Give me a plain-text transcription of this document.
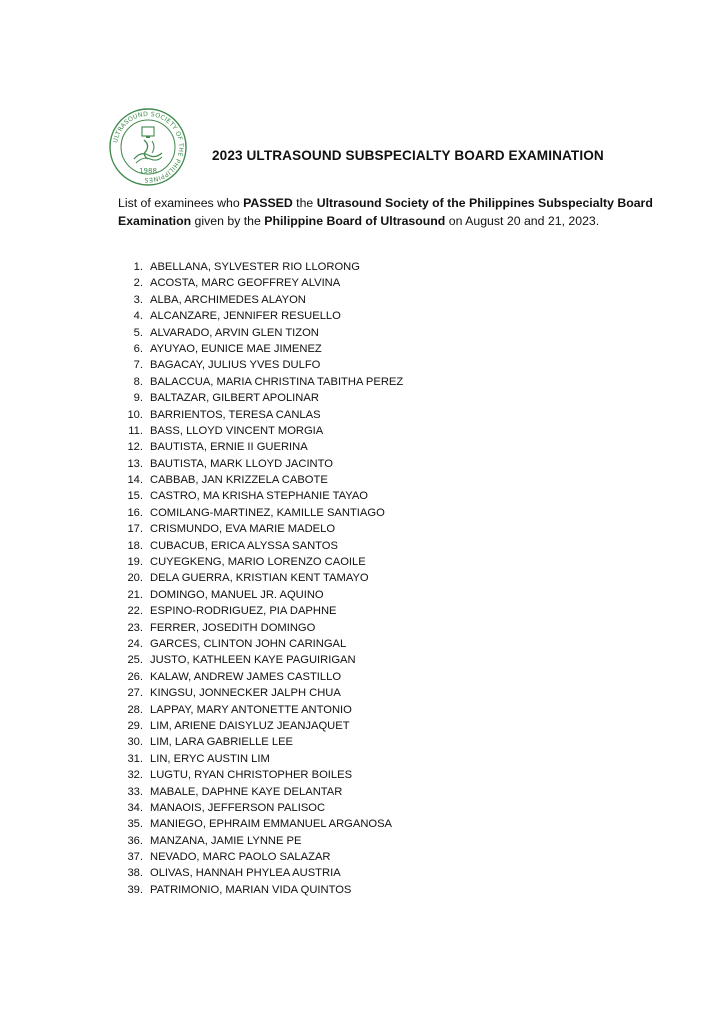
ULTRASOUND SOCIETY OF THE PHILIPPINES
1988
2023 ULTRASOUND SUBSPECIALTY BOARD EXAMINATION
List of examinees who PASSED the Ultrasound Society of the Philippines Subspecialty Board Examination given by the Philippine Board of Ultrasound on August 20 and 21, 2023.
1. ABELLANA, SYLVESTER RIO LLORONG
2. ACOSTA, MARC GEOFFREY ALVINA
3. ALBA, ARCHIMEDES ALAYON
4. ALCANZARE, JENNIFER RESUELLO
5. ALVARADO, ARVIN GLEN TIZON
6. AYUYAO, EUNICE MAE JIMENEZ
7. BAGACAY, JULIUS YVES DULFO
8. BALACCUA, MARIA CHRISTINA TABITHA PEREZ
9. BALTAZAR, GILBERT APOLINAR
10. BARRIENTOS, TERESA CANLAS
11. BASS, LLOYD VINCENT MORGIA
12. BAUTISTA, ERNIE II GUERINA
13. BAUTISTA, MARK LLOYD JACINTO
14. CABBAB, JAN KRIZZELA CABOTE
15. CASTRO, MA KRISHA STEPHANIE TAYAO
16. COMILANG-MARTINEZ, KAMILLE SANTIAGO
17. CRISMUNDO, EVA MARIE MADELO
18. CUBACUB, ERICA ALYSSA SANTOS
19. CUYEGKENG, MARIO LORENZO CAOILE
20. DELA GUERRA, KRISTIAN KENT TAMAYO
21. DOMINGO, MANUEL JR. AQUINO
22. ESPINO-RODRIGUEZ, PIA DAPHNE
23. FERRER, JOSEDITH DOMINGO
24. GARCES, CLINTON JOHN CARINGAL
25. JUSTO, KATHLEEN KAYE PAGUIRIGAN
26. KALAW, ANDREW JAMES CASTILLO
27. KINGSU, JONNECKER JALPH CHUA
28. LAPPAY, MARY ANTONETTE ANTONIO
29. LIM, ARIENE DAISYLUZ JEANJAQUET
30. LIM, LARA GABRIELLE LEE
31. LIN, ERYC AUSTIN LIM
32. LUGTU, RYAN CHRISTOPHER BOILES
33. MABALE, DAPHNE KAYE DELANTAR
34. MANAOIS, JEFFERSON PALISOC
35. MANIEGO, EPHRAIM EMMANUEL ARGANOSA
36. MANZANA, JAMIE LYNNE PE
37. NEVADO, MARC PAOLO SALAZAR
38. OLIVAS, HANNAH PHYLEA AUSTRIA
39. PATRIMONIO, MARIAN VIDA QUINTOS
